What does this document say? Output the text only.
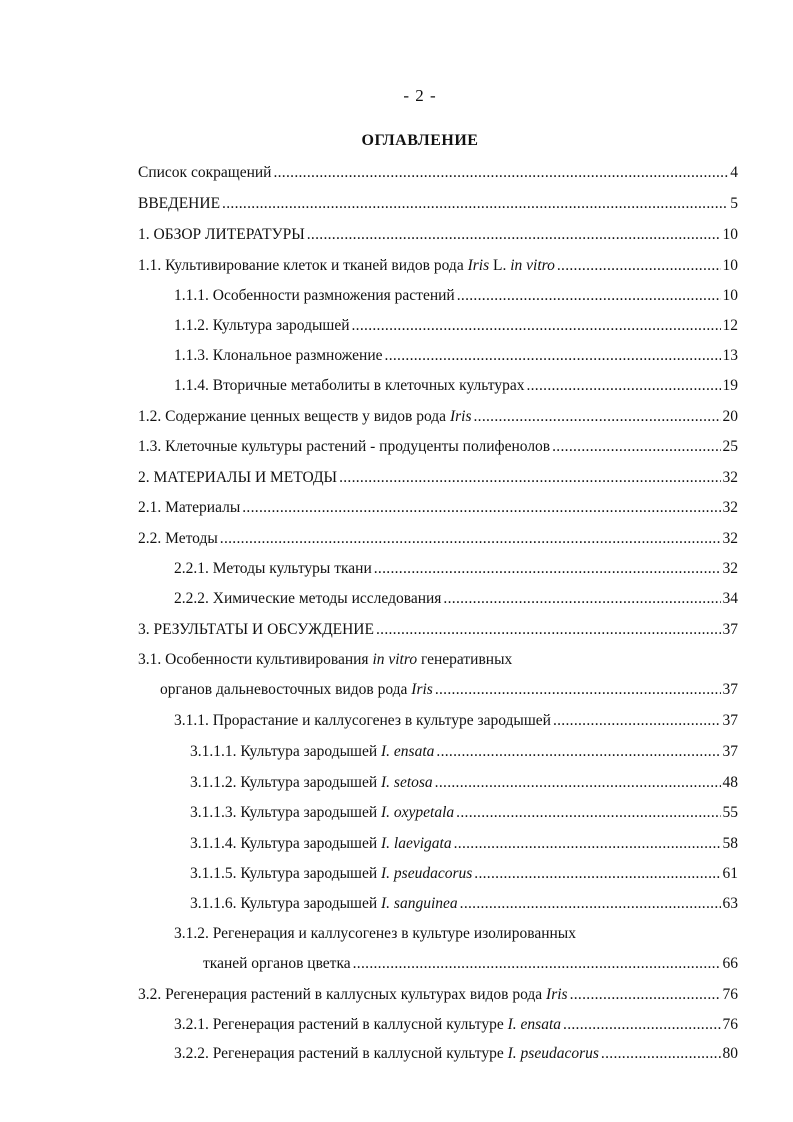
- 2 -
ОГЛАВЛЕНИЕ
Список сокращений .....	4
ВВЕДЕНИЕ .....	5
1. ОБЗОР ЛИТЕРАТУРЫ .....	10
1.1. Культивирование клеток и тканей видов рода Iris L. in vitro .....	10
1.1.1. Особенности размножения растений .....	10
1.1.2. Культура зародышей .....	12
1.1.3. Клональное размножение .....	13
1.1.4. Вторичные метаболиты в клеточных культурах .....	19
1.2. Содержание ценных веществ у видов рода Iris .....	20
1.3. Клеточные культуры растений - продуценты полифенолов .....	25
2. МАТЕРИАЛЫ И МЕТОДЫ .....	32
2.1. Материалы .....	32
2.2. Методы .....	32
2.2.1. Методы культуры ткани .....	32
2.2.2. Химические методы исследования .....	34
3. РЕЗУЛЬТАТЫ И ОБСУЖДЕНИЕ .....	37
3.1. Особенности культивирования in vitro генеративных
органов дальневосточных видов рода Iris .....	37
3.1.1. Прорастание и каллусогенез в культуре зародышей .....	37
3.1.1.1. Культура зародышей I. ensata .....	37
3.1.1.2. Культура зародышей I. setosa .....	48
3.1.1.3. Культура зародышей I. oxypetala .....	55
3.1.1.4. Культура зародышей I. laevigata .....	58
3.1.1.5. Культура зародышей I. pseudacorus .....	61
3.1.1.6. Культура зародышей I. sanguinea .....	63
3.1.2. Регенерация и каллусогенез в культуре изолированных
тканей органов цветка .....	66
3.2. Регенерация растений в каллусных культурах видов рода Iris .....	76
3.2.1. Регенерация растений в каллусной культуре I. ensata .....	76
3.2.2. Регенерация растений в каллусной культуре I. pseudacorus .....	80
